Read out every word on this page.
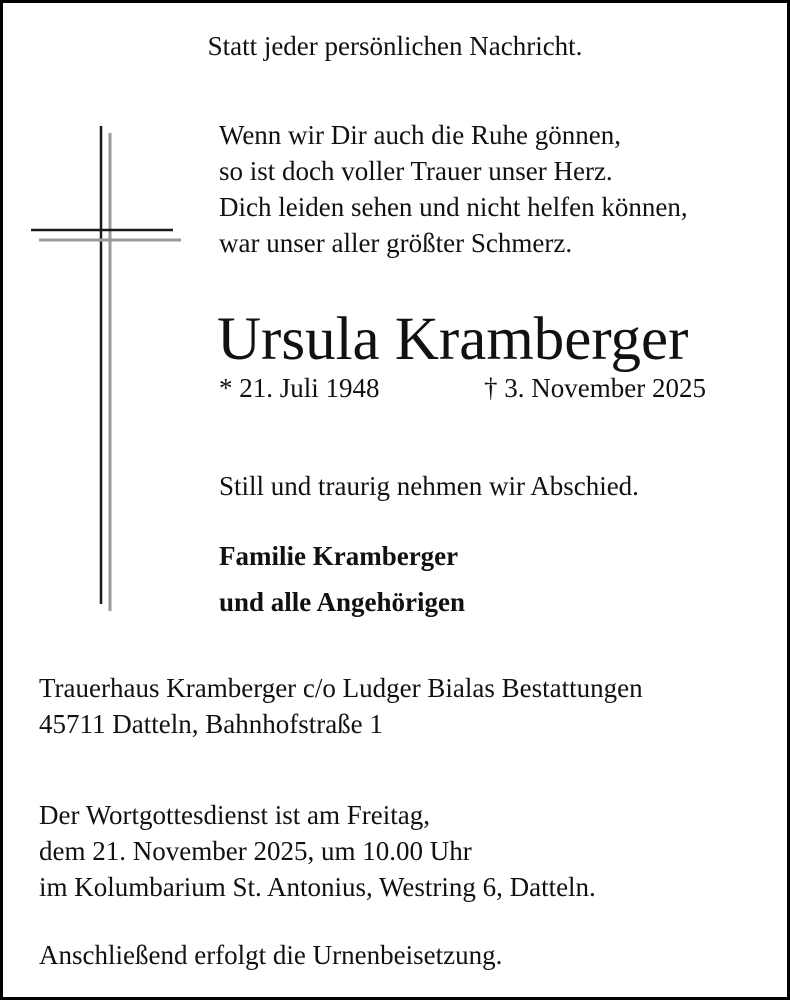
Statt jeder persönlichen Nachricht.

Wenn wir Dir auch die Ruhe gönnen,
so ist doch voller Trauer unser Herz.
Dich leiden sehen und nicht helfen können,
war unser aller größter Schmerz.

Ursula Kramberger

* 21. Juli 1948	† 3. November 2025

Still und traurig nehmen wir Abschied.

Familie Kramberger
und alle Angehörigen
Trauerhaus Kramberger c/o Ludger Bialas Bestattungen
45711 Datteln, Bahnhofstraße 1
Der Wortgottesdienst ist am Freitag,
dem 21. November 2025, um 10.00 Uhr
im Kolumbarium St. Antonius, Westring 6, Datteln.

Anschließend erfolgt die Urnenbeisetzung.
